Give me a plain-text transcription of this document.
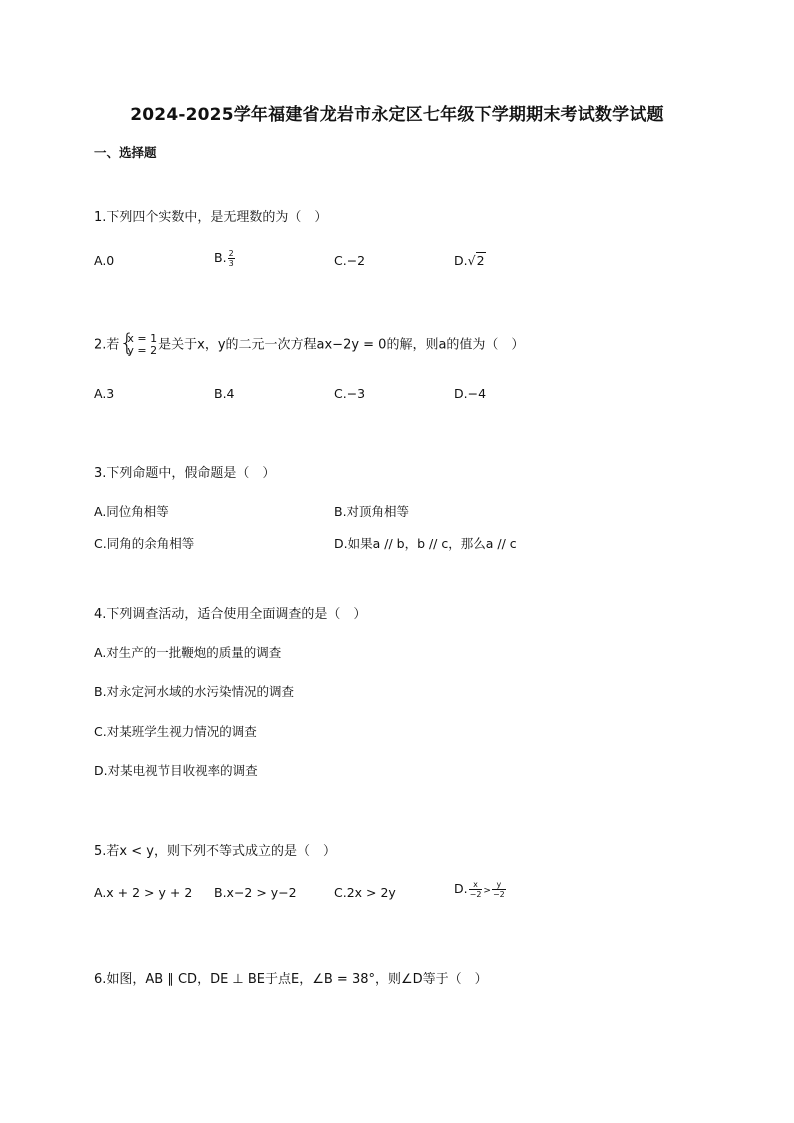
2024-2025学年福建省龙岩市永定区七年级下学期期末考试数学试题
一、选择题
1.下列四个实数中，是无理数的为（　）
A.0	B. $\frac{2}{3}$	C.−2	D.√2
2.若 {
x = 1
y = 2 是关于x，y的二元一次方程ax−2y = 0的解，则a的值为（　）
A.3	B.4	C.−3	D.−4
3.下列命题中，假命题是（　）
A.同位角相等	B.对顶角相等
C.同角的余角相等	D.如果a // b，b // c，那么a // c
4.下列调查活动，适合使用全面调查的是（　）
A.对生产的一批鞭炮的质量的调查
B.对永定河水域的水污染情况的调查
C.对某班学生视力情况的调查
D.对某电视节目收视率的调查
5.若x < y，则下列不等式成立的是（　）
A.x + 2 > y + 2 B.x−2 > y−2	C.2x > 2y	D. $\frac{x}{-2} > \frac{y}{-2}$
6.如图，AB ∥ CD，DE ⊥ BE于点E，∠B = 38°，则∠D等于（　）
